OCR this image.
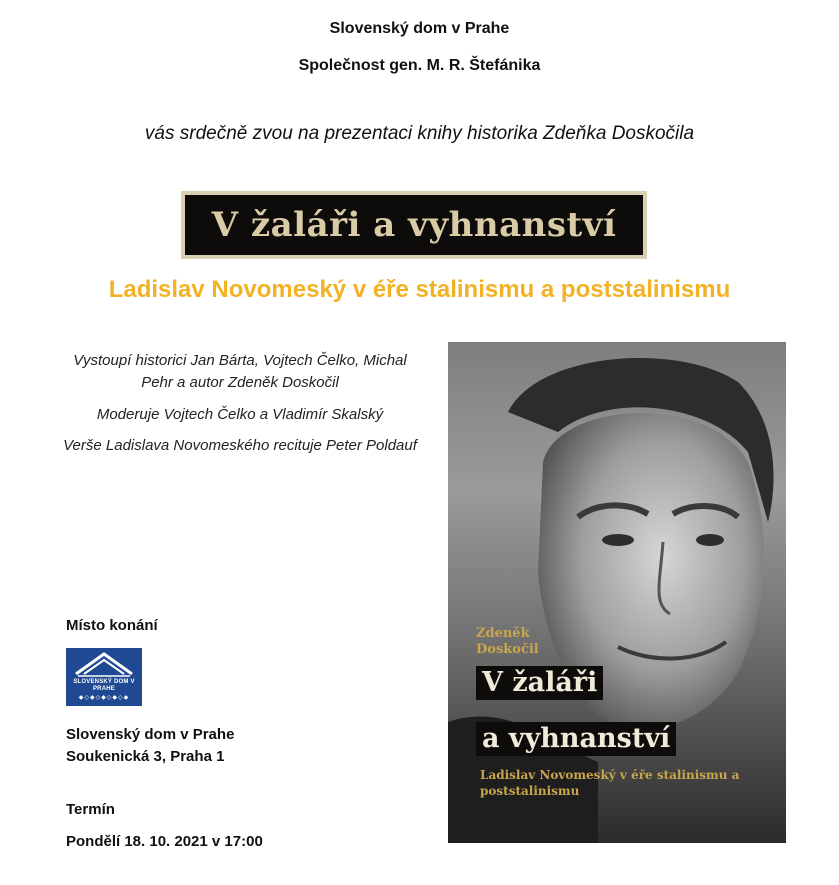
Slovenský dom v Prahe
Společnost gen. M. R. Štefánika
vás srdečně zvou na prezentaci knihy historika Zdeňka Doskočila
V žaláři a vyhnanství
Ladislav Novomeský v éře stalinismu a poststalinismu
Vystoupí historici Jan Bárta, Vojtech Čelko, Michal Pehr a autor Zdeněk Doskočil
Moderuje Vojtech Čelko a Vladimír Skalský
Verše Ladislava Novomeského recituje Peter Poldauf
Místo konání
SLOVENSKÝ DOM V PRAHE
◆◇◆◇◆◇◆◇◆
Slovenský dom v Prahe
Soukenická 3, Praha 1
Termín
Pondělí 18. 10. 2021 v 17:00
Zdeněk Doskočil
V žaláři
a vyhnanství
Ladislav Novomeský v éře stalinismu a poststalinismu
